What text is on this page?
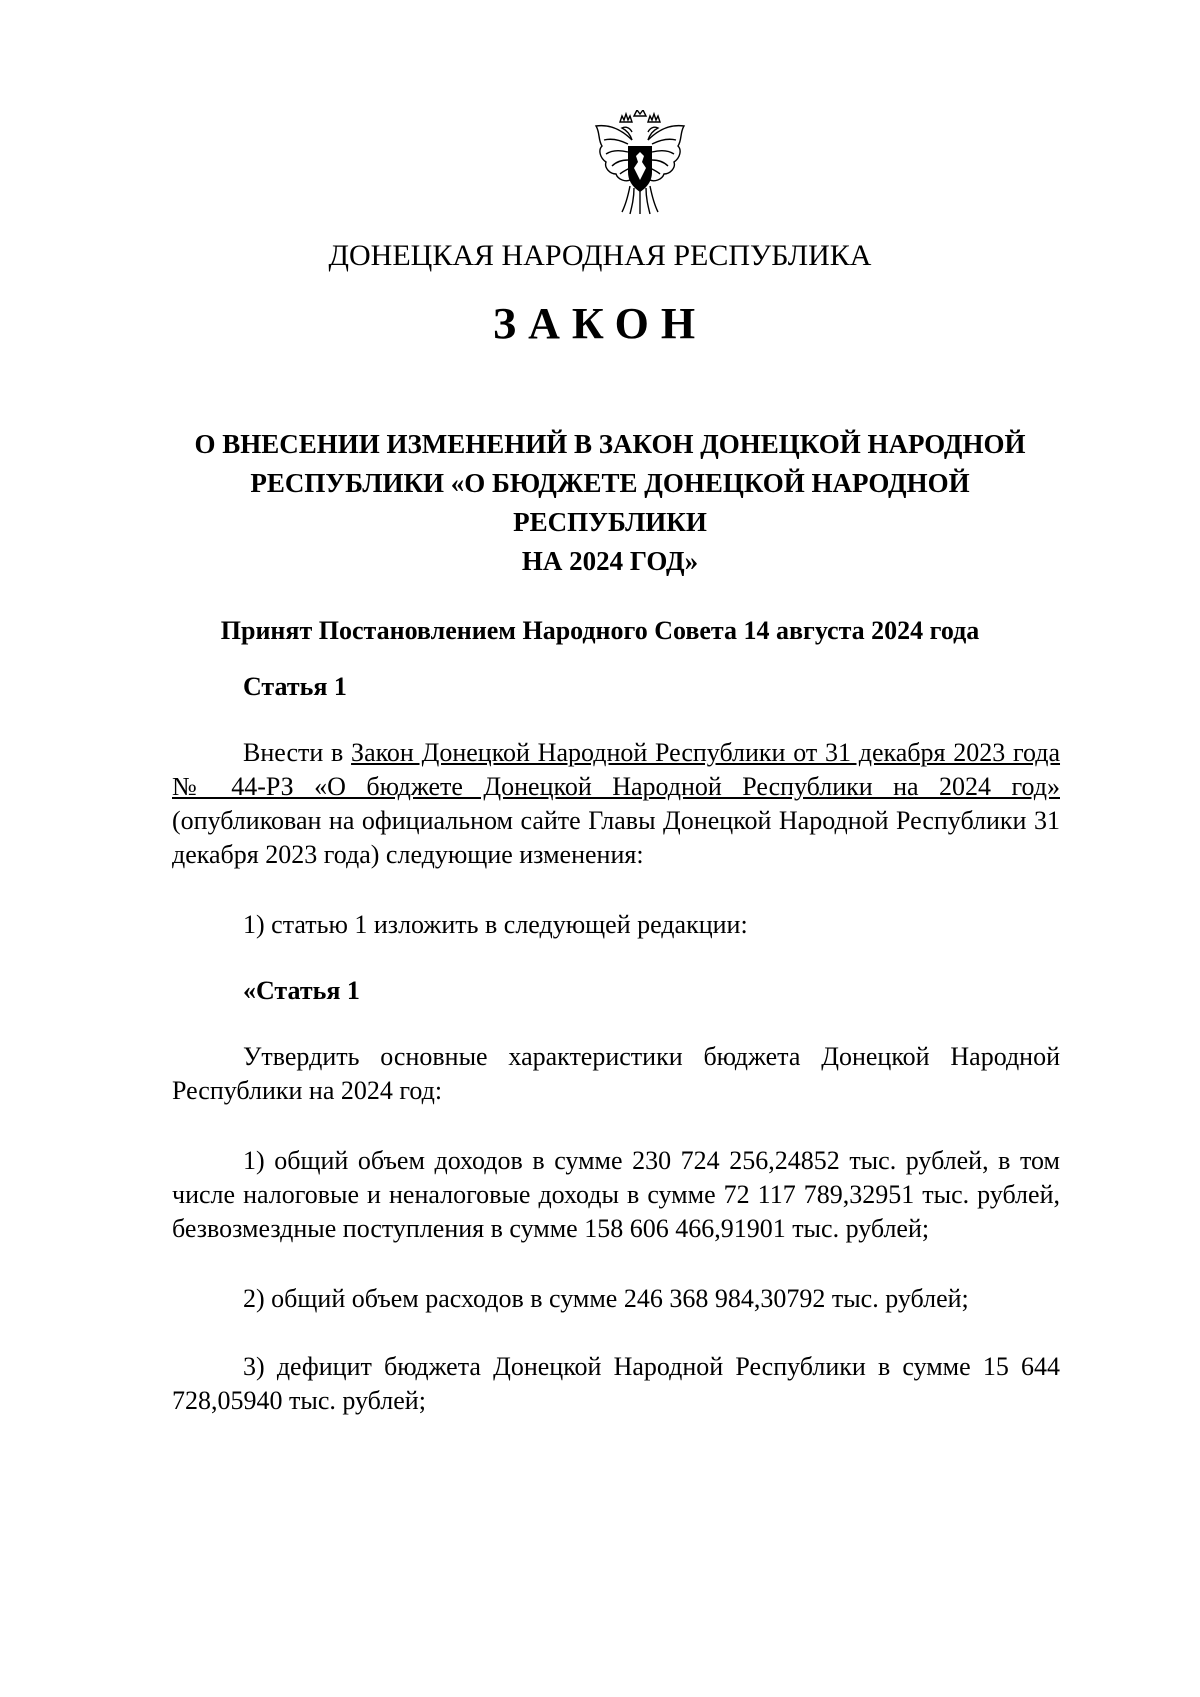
ДОНЕЦКАЯ НАРОДНАЯ РЕСПУБЛИКА
ЗАКОН
О ВНЕСЕНИИ ИЗМЕНЕНИЙ В ЗАКОН ДОНЕЦКОЙ НАРОДНОЙ
РЕСПУБЛИКИ «О БЮДЖЕТЕ ДОНЕЦКОЙ НАРОДНОЙ РЕСПУБЛИКИ
НА 2024 ГОД»
Принят Постановлением Народного Совета 14 августа 2024 года
Статья 1
Внести в Закон Донецкой Народной Республики от 31 декабря 2023 года № 44-РЗ «О бюджете Донецкой Народной Республики на 2024 год» (опубликован на официальном сайте Главы Донецкой Народной Республики 31 декабря 2023 года) следующие изменения:
1) статью 1 изложить в следующей редакции:
«Статья 1
Утвердить основные характеристики бюджета Донецкой Народной Республики на 2024 год:
1) общий объем доходов в сумме 230 724 256,24852 тыс. рублей, в том числе налоговые и неналоговые доходы в сумме 72 117 789,32951 тыс. рублей, безвозмездные поступления в сумме 158 606 466,91901 тыс. рублей;
2) общий объем расходов в сумме 246 368 984,30792 тыс. рублей;
3) дефицит бюджета Донецкой Народной Республики в сумме 15 644 728,05940 тыс. рублей;
